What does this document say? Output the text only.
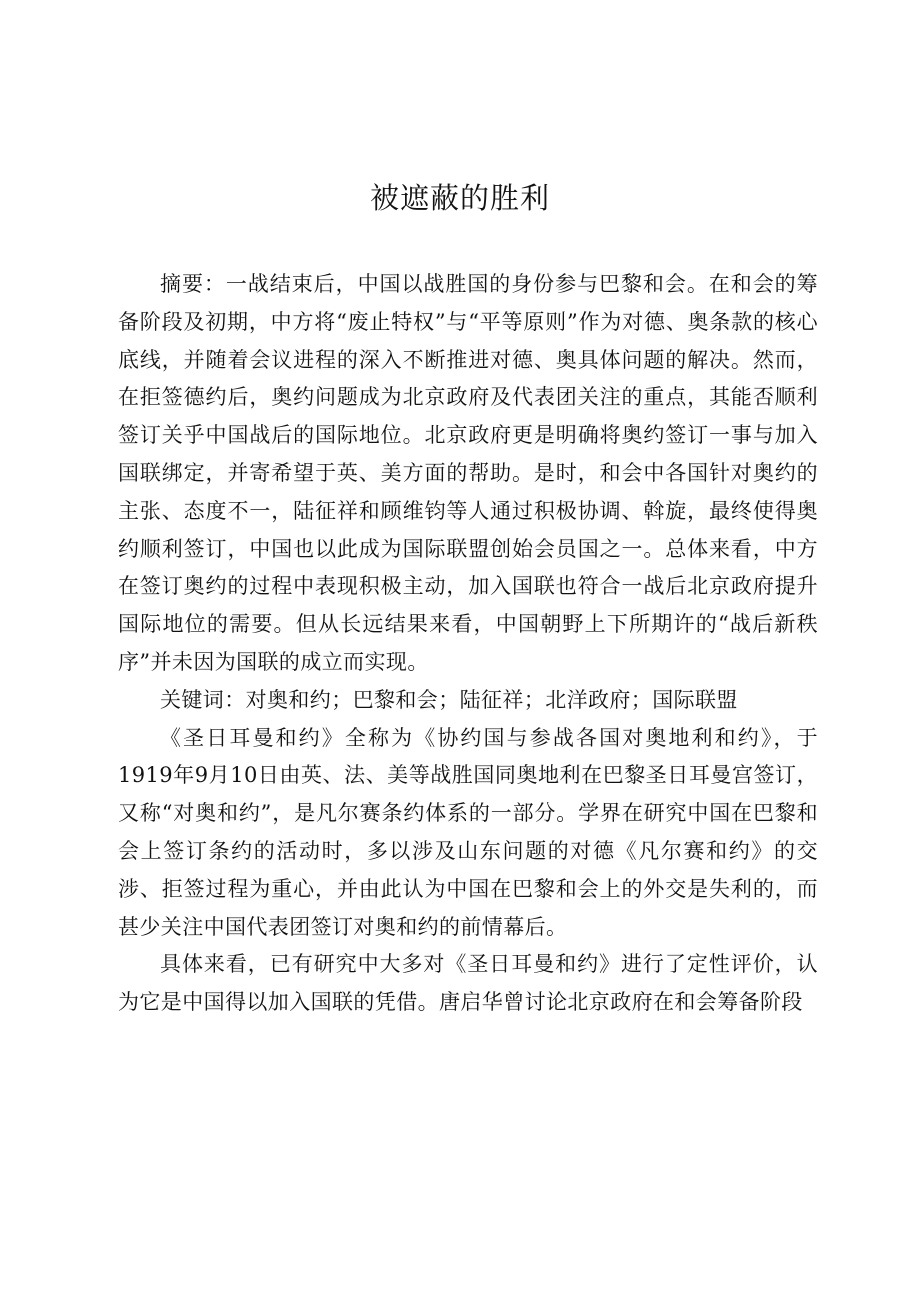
被遮蔽的胜利

摘要：一战结束后，中国以战胜国的身份参与巴黎和会。在和会的筹备阶段及初期，中方将“废止特权”与“平等原则”作为对德、奥条款的核心底线，并随着会议进程的深入不断推进对德、奥具体问题的解决。然而，在拒签德约后，奥约问题成为北京政府及代表团关注的重点，其能否顺利签订关乎中国战后的国际地位。北京政府更是明确将奥约签订一事与加入国联绑定，并寄希望于英、美方面的帮助。是时，和会中各国针对奥约的主张、态度不一，陆征祥和顾维钧等人通过积极协调、斡旋，最终使得奥约顺利签订，中国也以此成为国际联盟创始会员国之一。总体来看，中方在签订奥约的过程中表现积极主动，加入国联也符合一战后北京政府提升国际地位的需要。但从长远结果来看，中国朝野上下所期许的“战后新秩序”并未因为国联的成立而实现。

关键词：对奥和约；巴黎和会；陆征祥；北洋政府；国际联盟

《圣日耳曼和约》全称为《协约国与参战各国对奥地利和约》，于1919年9月10日由英、法、美等战胜国同奥地利在巴黎圣日耳曼宫签订，又称“对奥和约”，是凡尔赛条约体系的一部分。学界在研究中国在巴黎和会上签订条约的活动时，多以涉及山东问题的对德《凡尔赛和约》的交涉、拒签过程为重心，并由此认为中国在巴黎和会上的外交是失利的，而甚少关注中国代表团签订对奥和约的前情幕后。

具体来看，已有研究中大多对《圣日耳曼和约》进行了定性评价，认为它是中国得以加入国联的凭借。唐启华曾讨论北京政府在和会筹备阶段
